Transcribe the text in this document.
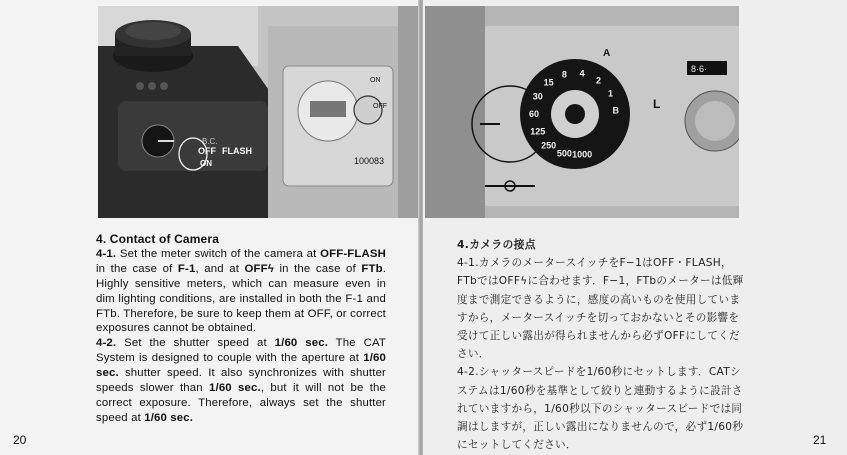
B.C.
OFF FLASH
ON
ON
OFF
100083

4. Contact of Camera

4-1. Set the meter switch of the camera at OFF-FLASH in the case of F-1, and at OFFϟ in the case of FTb. Highly sensitive meters, which can measure even in dim lighting conditions, are installed in both the F-1 and FTb. Therefore, be sure to keep them at OFF, or correct exposures cannot be obtained.

4-2. Set the shutter speed at 1/60 sec. The CAT System is designed to couple with the aperture at 1/60 sec. shutter speed. It also synchronizes with shutter speeds slower than 1/60 sec., but it will not be the correct exposure. Therefore, always set the shutter speed at 1/60 sec.

20
1000
500
250
125
60
30
15
8 4
2
1
B
A
L
8·6·

4.カメラの接点

4-1.カメラのメータースイッチをF−1はOFF・FLASH，FTbではOFFϟに合わせます．F−1，FTbのメーターは低輝度まで測定できるように，感度の高いものを使用していますから，メータースイッチを切っておかないとその影響を受けて正しい露出が得られませんから必ずOFFにしてください．

4-2.シャッタースピードを1/60秒にセットします．CATシステムは1/60秒を基準として絞りと連動するように設計されていますから，1/60秒以下のシャッタースピードでは同調はしますが，正しい露出になりませんので，必ず1/60秒にセットしてください．	21
